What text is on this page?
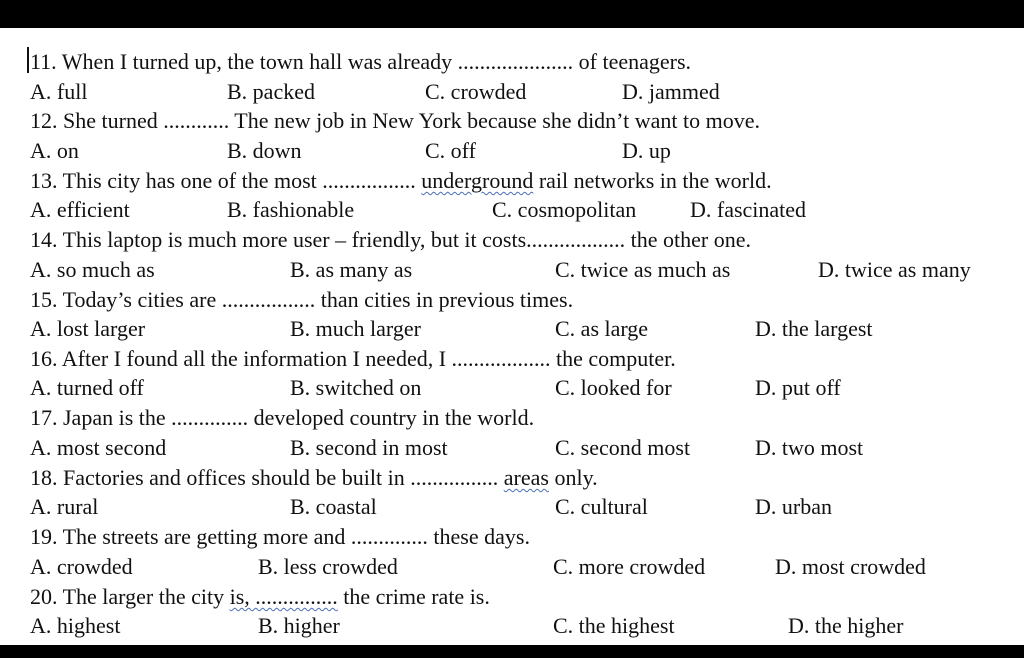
11. When I turned up, the town hall was already ..................... of teenagers.
A. full	B. packed	C. crowded	D. jammed
12. She turned ............ The new job in New York because she didn’t want to move.
A. on	B. down	C. off	D. up
13. This city has one of the most ................. underground rail networks in the world.
A. efficient	B. fashionable	C. cosmopolitan D. fascinated
14. This laptop is much more user – friendly, but it costs.................. the other one.
A. so much as	B. as many as	C. twice as much as	D. twice as many
15. Today’s cities are ................. than cities in previous times.
A. lost larger	B. much larger	C. as large	D. the largest
16. After I found all the information I needed, I .................. the computer.
A. turned off	B. switched on	C. looked for	D. put off
17. Japan is the .............. developed country in the world.
A. most second	B. second in most	C. second most	D. two most
18. Factories and offices should be built in ................ areas only.
A. rural	B. coastal	C. cultural	D. urban
19. The streets are getting more and .............. these days.
A. crowded	B. less crowded	C. more crowded	D. most crowded
20. The larger the city is, ............... the crime rate is.
A. highest	B. higher	C. the highest	D. the higher
